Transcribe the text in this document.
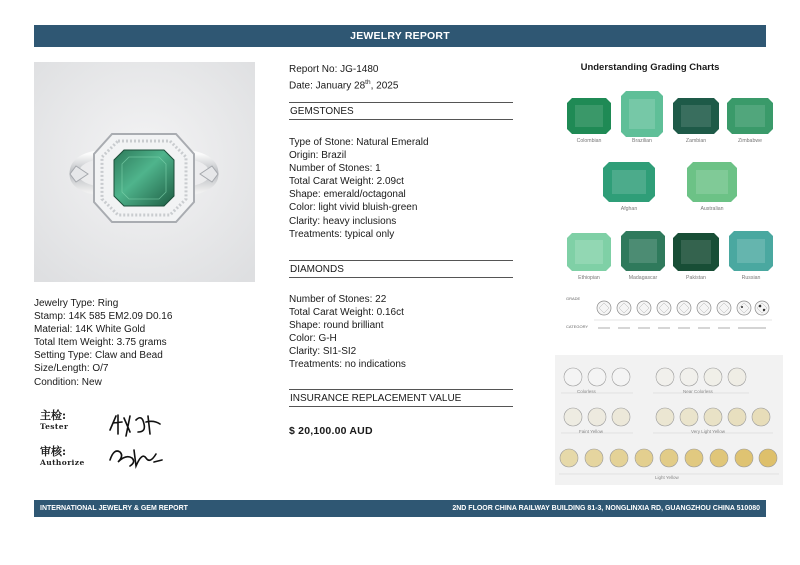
JEWELRY REPORT
Jewelry Type: Ring
Stamp: 14K 585 EM2.09 D0.16
Material: 14K White Gold
Total Item Weight: 3.75 grams
Setting Type: Claw and Bead
Size/Length: O/7
Condition: New
主检:
Tester
审核:
Authorize
Report No: JG-1480
Date: January 28th, 2025
GEMSTONES
Type of Stone: Natural Emerald
Origin: Brazil
Number of Stones: 1
Total Carat Weight: 2.09ct
Shape: emerald/octagonal
Color: light vivid bluish-green
Clarity: heavy inclusions
Treatments: typical only
DIAMONDS
Number of Stones: 22
Total Carat Weight: 0.16ct
Shape: round brilliant
Color: G-H
Clarity: SI1-SI2
Treatments: no indications
INSURANCE REPLACEMENT VALUE
$ 20,100.00 AUD
Understanding Grading Charts
Colombian	Brazilian	Zambian	Zimbabwe
Afghan	Australian
Ethiopian	Madagascar	Pakistan	Russian
GRADE
CATEGORY
Colorless	Near Colorless
Faint Yellow	Very Light Yellow
Light Yellow
INTERNATIONAL JEWELRY & GEM REPORT	2ND FLOOR CHINA RAILWAY BUILDING 81-3, NONGLINXIA RD, GUANGZHOU CHINA 510080
